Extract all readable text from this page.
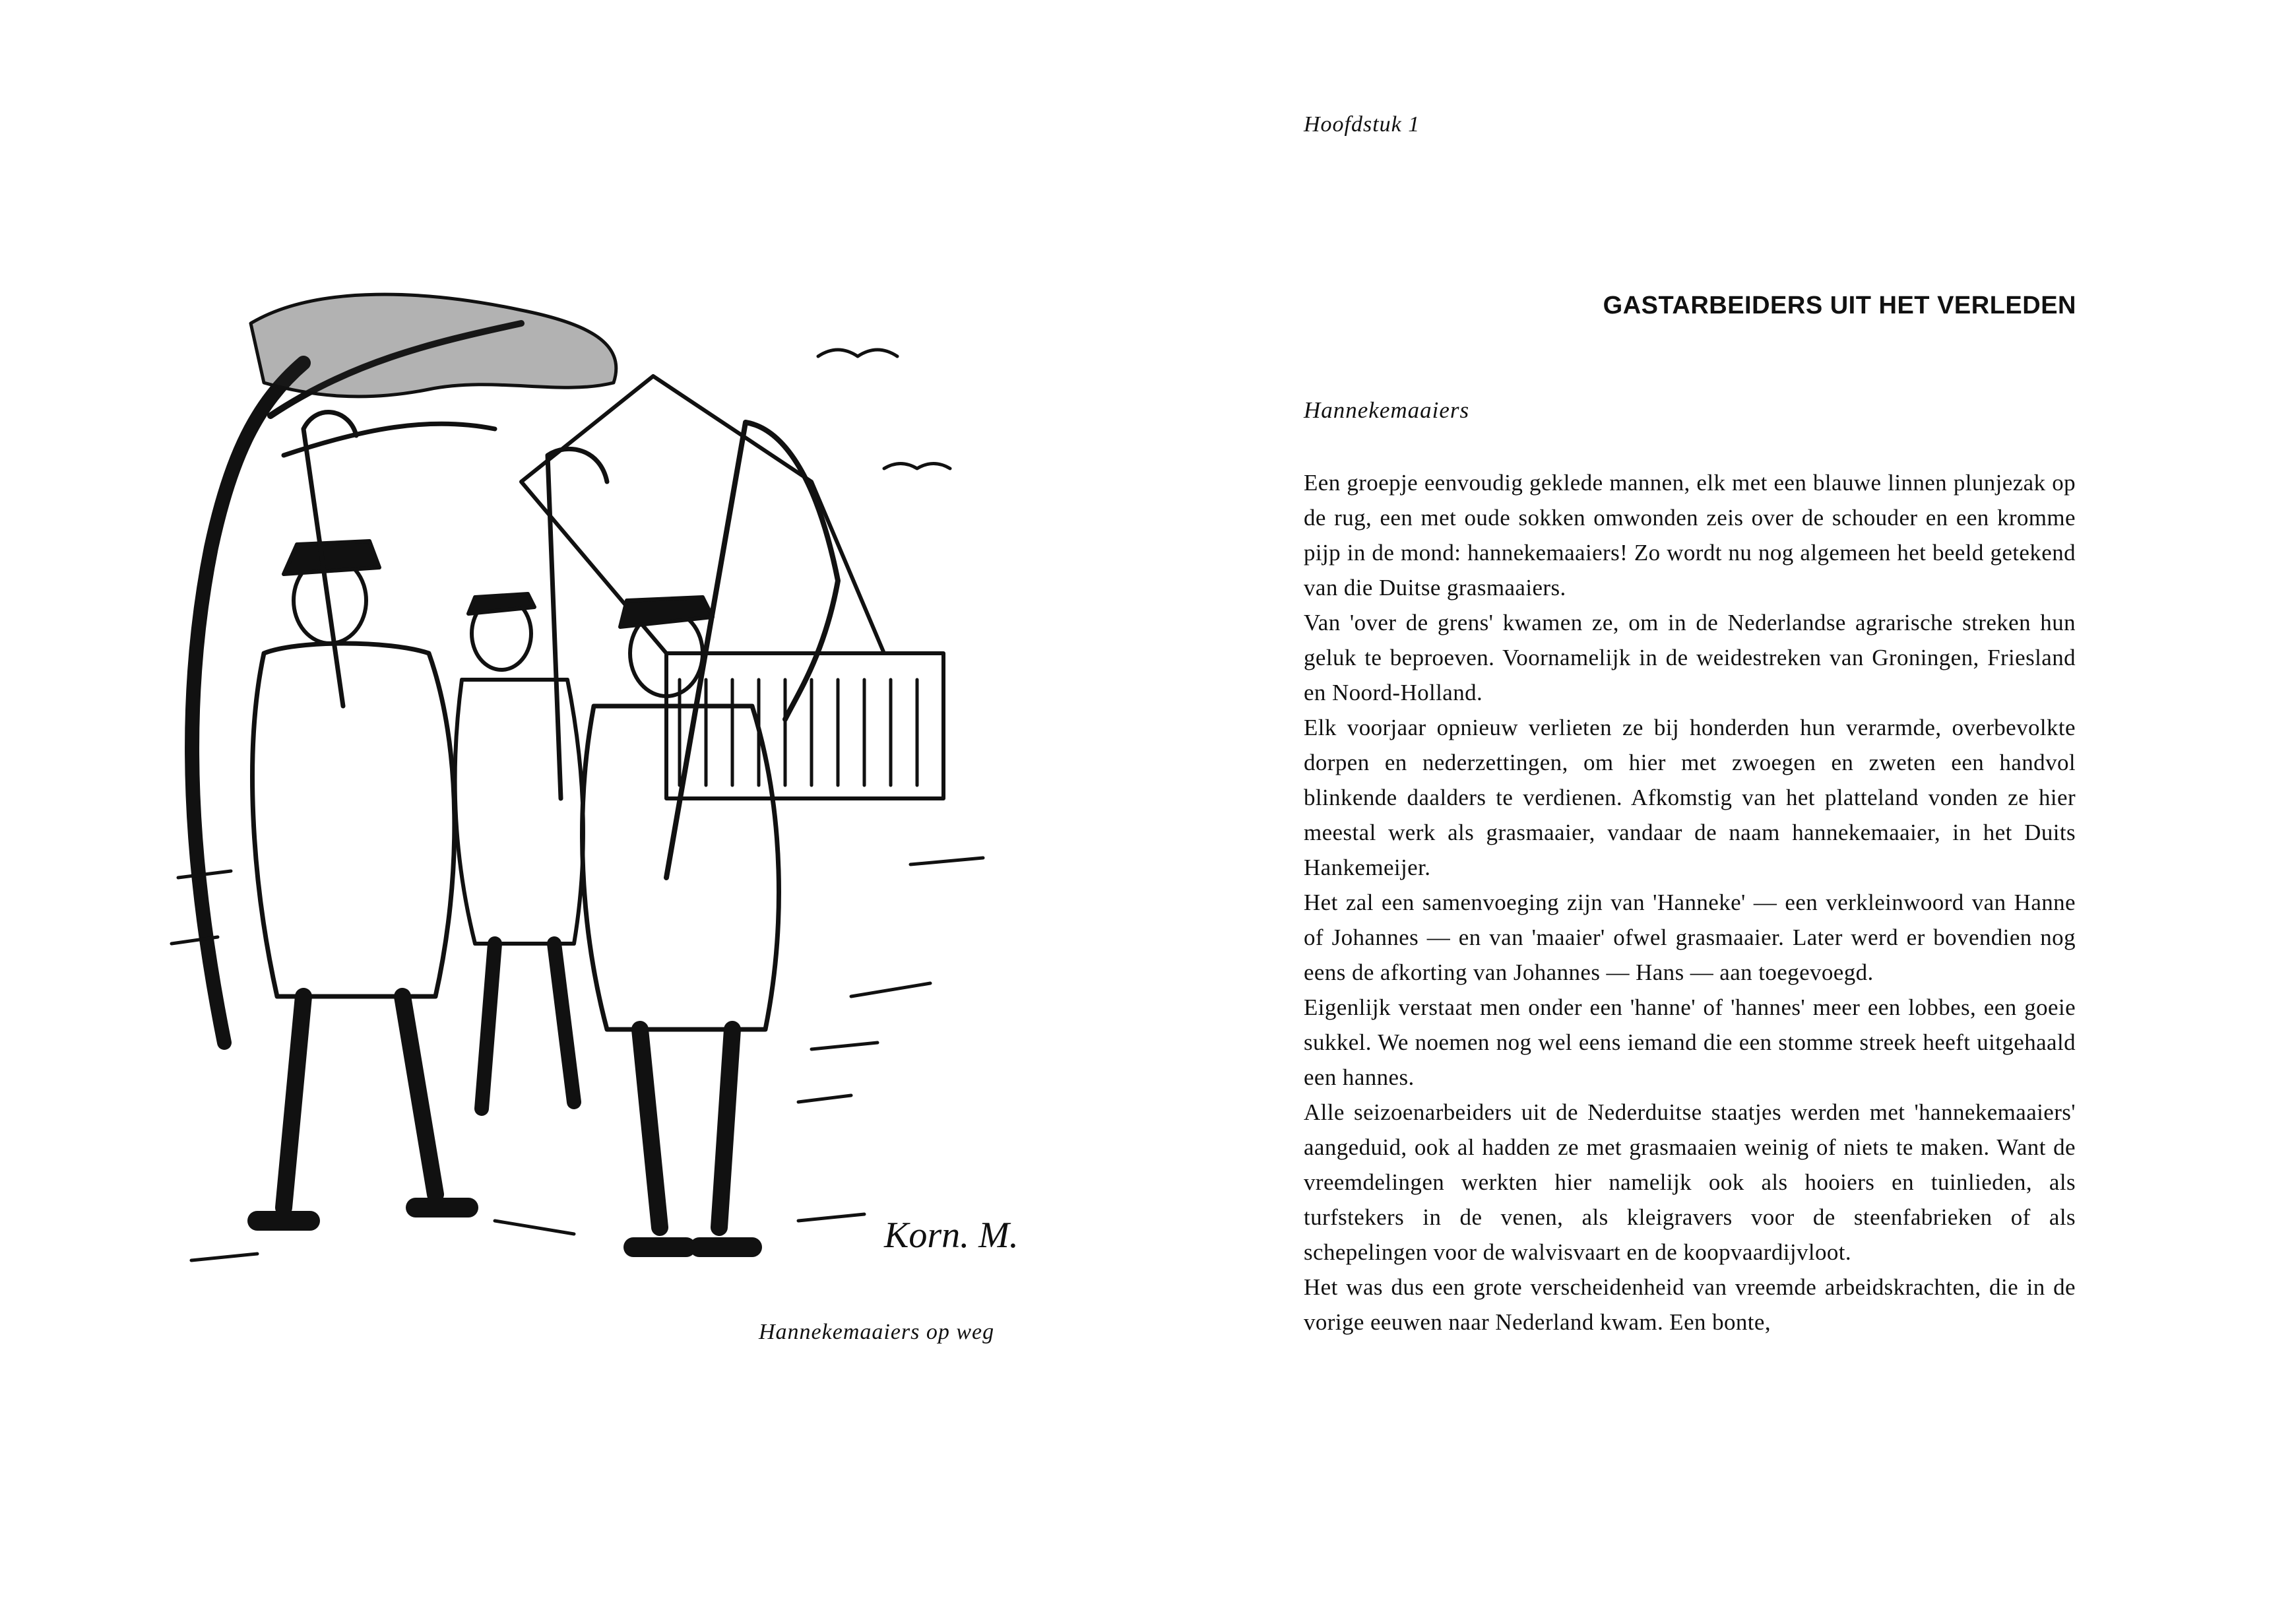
Korn. M.
Hannekemaaiers op weg
Hoofdstuk 1
GASTARBEIDERS UIT HET VERLEDEN
Hannekemaaiers

Een groepje eenvoudig geklede mannen, elk met een blauwe linnen plunjezak op de rug, een met oude sokken omwonden zeis over de schouder en een kromme pijp in de mond: hannekemaaiers! Zo wordt nu nog algemeen het beeld getekend van die Duitse grasmaaiers.

Van 'over de grens' kwamen ze, om in de Nederlandse agrarische streken hun geluk te beproeven. Voornamelijk in de weidestreken van Groningen, Friesland en Noord-Holland.

Elk voorjaar opnieuw verlieten ze bij honderden hun verarmde, overbevolkte dorpen en nederzettingen, om hier met zwoegen en zweten een handvol blinkende daalders te verdienen. Afkomstig van het platteland vonden ze hier meestal werk als grasmaaier, vandaar de naam hannekemaaier, in het Duits Hankemeijer.

Het zal een samenvoeging zijn van 'Hanneke' — een verkleinwoord van Hanne of Johannes — en van 'maaier' ofwel grasmaaier. Later werd er bovendien nog eens de afkorting van Johannes — Hans — aan toegevoegd.

Eigenlijk verstaat men onder een 'hanne' of 'hannes' meer een lobbes, een goeie sukkel. We noemen nog wel eens iemand die een stomme streek heeft uitgehaald een hannes.

Alle seizoenarbeiders uit de Nederduitse staatjes werden met 'hannekemaaiers' aangeduid, ook al hadden ze met grasmaaien weinig of niets te maken. Want de vreemdelingen werkten hier namelijk ook als hooiers en tuinlieden, als turfstekers in de venen, als kleigravers voor de steenfabrieken of als schepelingen voor de walvisvaart en de koopvaardijvloot.

Het was dus een grote verscheidenheid van vreemde arbeidskrachten, die in de vorige eeuwen naar Nederland kwam. Een bonte,
